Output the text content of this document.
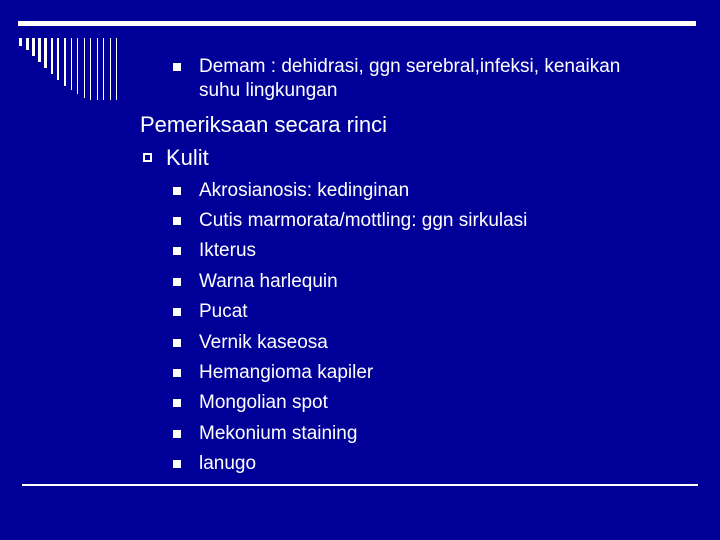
Demam : dehidrasi, ggn serebral,infeksi, kenaikan
suhu lingkungan
Pemeriksaan secara rinci
Kulit
Akrosianosis: kedinginan
Cutis marmorata/mottling: ggn sirkulasi
Ikterus
Warna harlequin
Pucat
Vernik kaseosa
Hemangioma kapiler
Mongolian spot
Mekonium staining
lanugo
